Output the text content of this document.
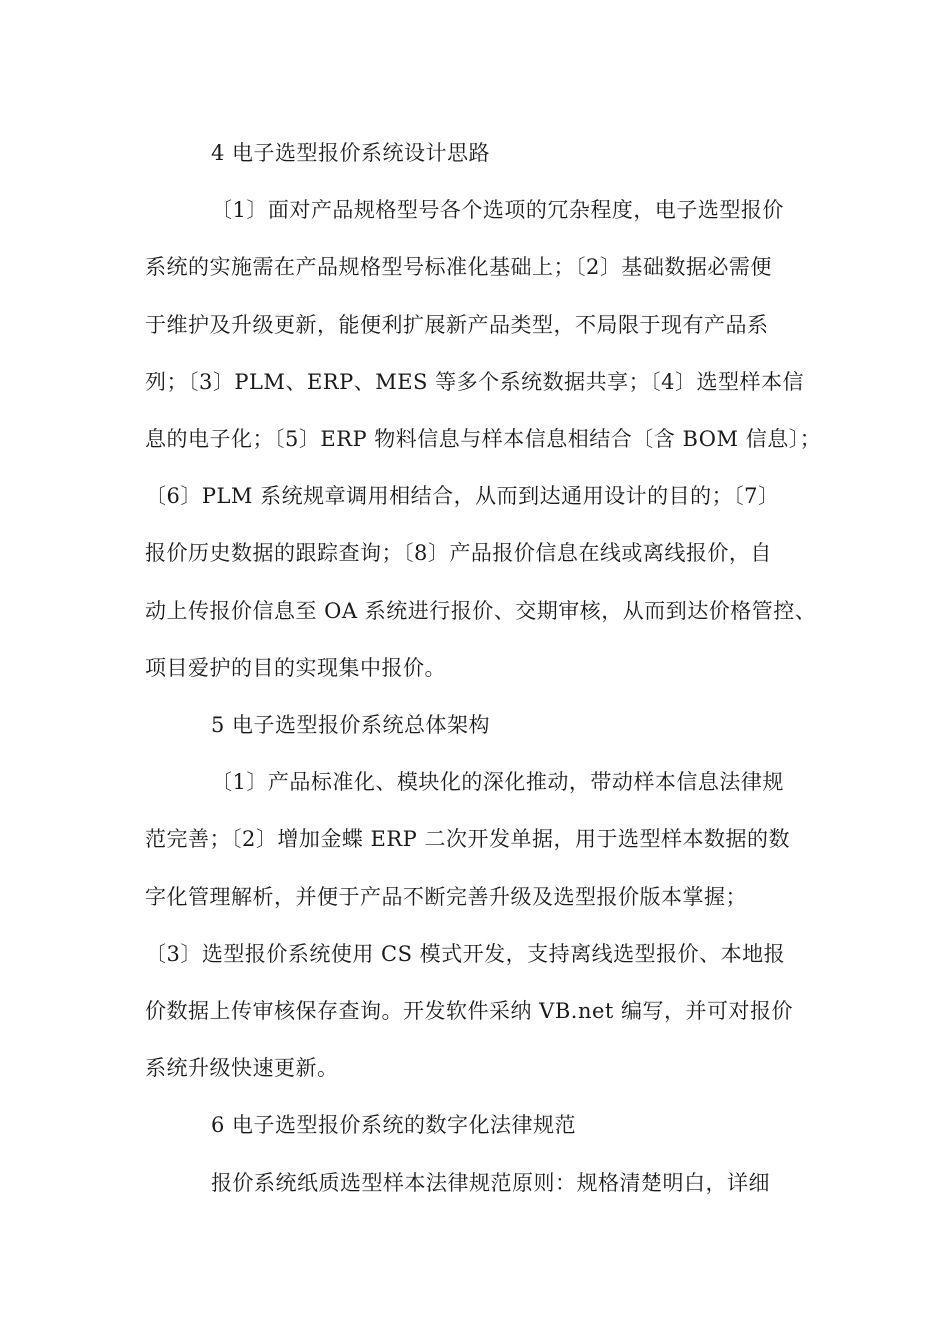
4 电子选型报价系统设计思路
〔1〕面对产品规格型号各个选项的冗杂程度，电子选型报价
系统的实施需在产品规格型号标准化基础上；〔2〕基础数据必需便
于维护及升级更新，能便利扩展新产品类型，不局限于现有产品系
列；〔3〕PLM、ERP、MES 等多个系统数据共享；〔4〕选型样本信
息的电子化；〔5〕ERP 物料信息与样本信息相结合〔含 BOM 信息〕；
〔6〕PLM 系统规章调用相结合，从而到达通用设计的目的；〔7〕
报价历史数据的跟踪查询；〔8〕产品报价信息在线或离线报价，自
动上传报价信息至 OA 系统进行报价、交期审核，从而到达价格管控、
项目爱护的目的实现集中报价。
5 电子选型报价系统总体架构
〔1〕产品标准化、模块化的深化推动，带动样本信息法律规
范完善；〔2〕增加金蝶 ERP 二次开发单据，用于选型样本数据的数
字化管理解析，并便于产品不断完善升级及选型报价版本掌握；
〔3〕选型报价系统使用 CS 模式开发，支持离线选型报价、本地报
价数据上传审核保存查询。开发软件采纳 VB.net 编写，并可对报价
系统升级快速更新。
6 电子选型报价系统的数字化法律规范
报价系统纸质选型样本法律规范原则：规格清楚明白，详细
